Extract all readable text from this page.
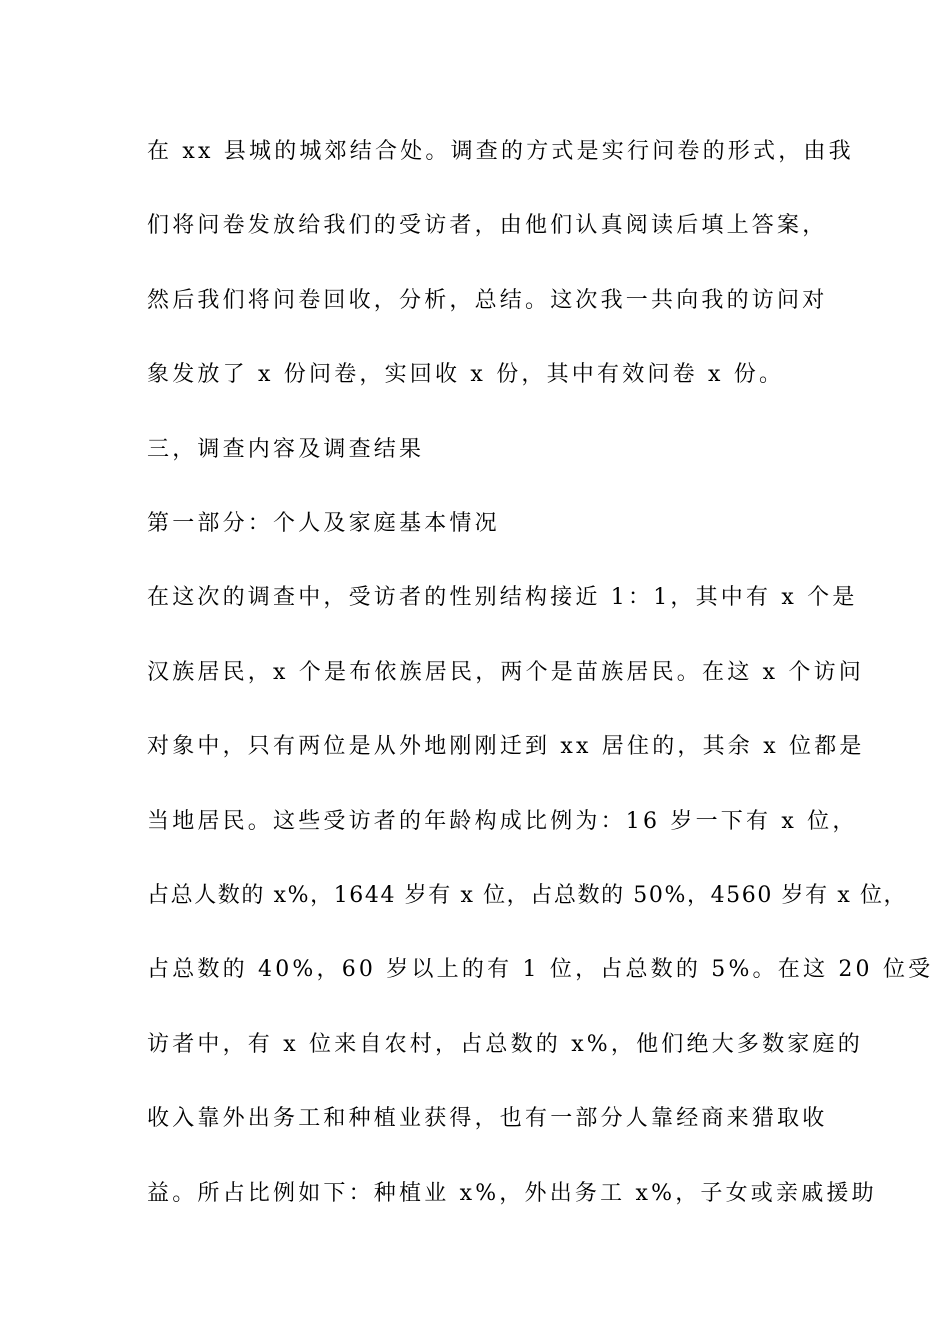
在 xx 县城的城郊结合处。调查的方式是实行问卷的形式，由我
们将问卷发放给我们的受访者，由他们认真阅读后填上答案，
然后我们将问卷回收，分析，总结。这次我一共向我的访问对
象发放了 x 份问卷，实回收 x 份，其中有效问卷 x 份。
三，调查内容及调查结果
第一部分：个人及家庭基本情况
在这次的调查中，受访者的性别结构接近 1：1，其中有 x 个是
汉族居民，x 个是布依族居民，两个是苗族居民。在这 x 个访问
对象中，只有两位是从外地刚刚迁到 xx 居住的，其余 x 位都是
当地居民。这些受访者的年龄构成比例为：16 岁一下有 x 位，
占总人数的 x%，1644 岁有 x 位，占总数的 50%，4560 岁有 x 位，
占总数的 40%，60 岁以上的有 1 位，占总数的 5%。在这 20 位受
访者中，有 x 位来自农村，占总数的 x%，他们绝大多数家庭的
收入靠外出务工和种植业获得，也有一部分人靠经商来猎取收
益。所占比例如下：种植业 x%，外出务工 x%，子女或亲戚援助
